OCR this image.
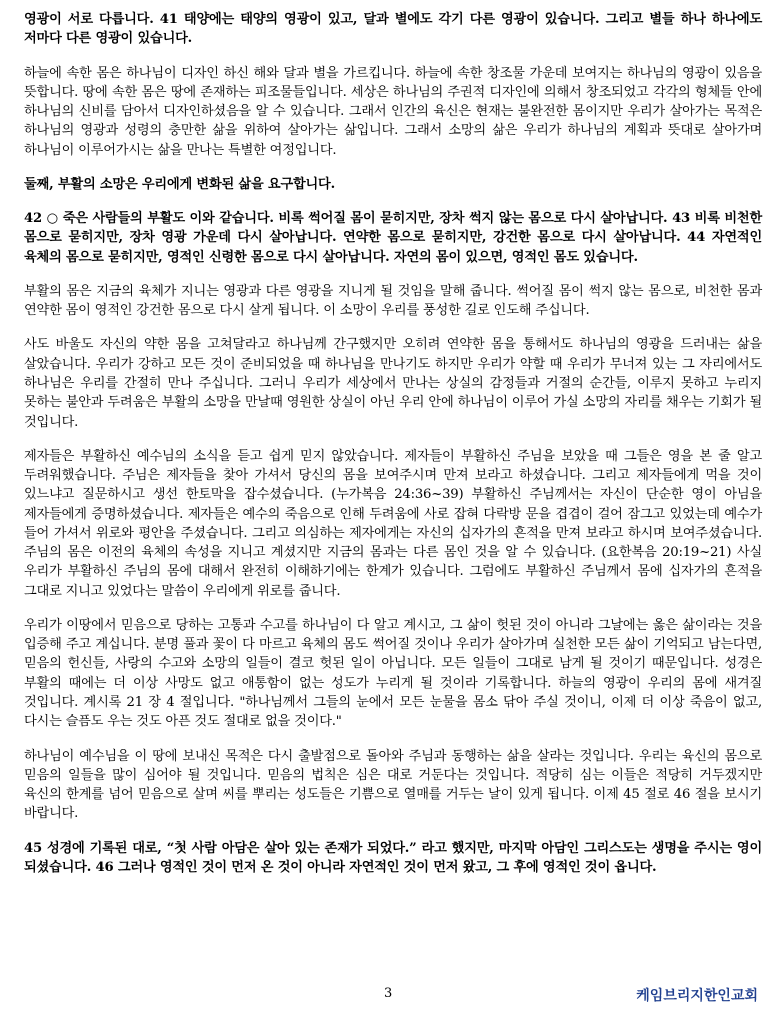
영광이 서로 다릅니다. 41 태양에는 태양의 영광이 있고, 달과 별에도 각기 다른 영광이 있습니다. 그리고 별들 하나 하나에도 저마다 다른 영광이 있습니다.

하늘에 속한 몸은 하나님이 디자인 하신 해와 달과 별을 가르킵니다. 하늘에 속한 창조물 가운데 보여지는 하나님의 영광이 있음을 뜻합니다. 땅에 속한 몸은 땅에 존재하는 피조물들입니다. 세상은 하나님의 주권적 디자인에 의해서 창조되었고 각각의 형체들 안에 하나님의 신비를 담아서 디자인하셨음을 알 수 있습니다. 그래서 인간의 육신은 현재는 불완전한 몸이지만 우리가 살아가는 목적은 하나님의 영광과 성령의 충만한 삶을 위하여 살아가는 삶입니다. 그래서 소망의 삶은 우리가 하나님의 계획과 뜻대로 살아가며 하나님이 이루어가시는 삶을 만나는 특별한 여정입니다.

둘째, 부활의 소망은 우리에게 변화된 삶을 요구합니다.

42 ○ 죽은 사람들의 부활도 이와 같습니다. 비록 썩어질 몸이 묻히지만, 장차 썩지 않는 몸으로 다시 살아납니다. 43 비록 비천한 몸으로 묻히지만, 장차 영광 가운데 다시 살아납니다. 연약한 몸으로 묻히지만, 강건한 몸으로 다시 살아납니다. 44 자연적인 육체의 몸으로 묻히지만, 영적인 신령한 몸으로 다시 살아납니다. 자연의 몸이 있으면, 영적인 몸도 있습니다.

부활의 몸은 지금의 육체가 지니는 영광과 다른 영광을 지니게 될 것임을 말해 줍니다. 썩어질 몸이 썩지 않는 몸으로, 비천한 몸과 연약한 몸이 영적인 강건한 몸으로 다시 살게 됩니다. 이 소망이 우리를 풍성한 길로 인도해 주십니다.

사도 바울도 자신의 약한 몸을 고쳐달라고 하나님께 간구했지만 오히려 연약한 몸을 통해서도 하나님의 영광을 드러내는 삶을 살았습니다. 우리가 강하고 모든 것이 준비되었을 때 하나님을 만나기도 하지만 우리가 약할 때 우리가 무너져 있는 그 자리에서도 하나님은 우리를 간절히 만나 주십니다. 그러니 우리가 세상에서 만나는 상실의 감정들과 거절의 순간들, 이루지 못하고 누리지 못하는 불안과 두려움은 부활의 소망을 만날때 영원한 상실이 아닌 우리 안에 하나님이 이루어 가실 소망의 자리를 채우는 기회가 될 것입니다.

제자들은 부활하신 예수님의 소식을 듣고 쉽게 믿지 않았습니다. 제자들이 부활하신 주님을 보았을 때 그들은 영을 본 줄 알고 두려워했습니다. 주님은 제자들을 찾아 가셔서 당신의 몸을 보여주시며 만져 보라고 하셨습니다. 그리고 제자들에게 먹을 것이 있느냐고 질문하시고 생선 한토막을 잡수셨습니다. (누가복음 24:36~39) 부활하신 주님께서는 자신이 단순한 영이 아님을 제자들에게 증명하셨습니다. 제자들은 예수의 죽음으로 인해 두려움에 사로 잡혀 다락방 문을 겹겹이 걸어 잠그고 있었는데 예수가 들어 가셔서 위로와 평안을 주셨습니다. 그리고 의심하는 제자에게는 자신의 십자가의 흔적을 만져 보라고 하시며 보여주셨습니다. 주님의 몸은 이전의 육체의 속성을 지니고 계셨지만 지금의 몸과는 다른 몸인 것을 알 수 있습니다. (요한복음 20:19~21) 사실 우리가 부활하신 주님의 몸에 대해서 완전히 이해하기에는 한계가 있습니다. 그럼에도 부활하신 주님께서 몸에 십자가의 흔적을 그대로 지니고 있었다는 말씀이 우리에게 위로를 줍니다.

우리가 이땅에서 믿음으로 당하는 고통과 수고를 하나님이 다 알고 계시고, 그 삶이 헛된 것이 아니라 그날에는 옳은 삶이라는 것을 입증해 주고 계십니다. 분명 풀과 꽃이 다 마르고 육체의 몸도 썩어질 것이나 우리가 살아가며 실천한 모든 삶이 기억되고 남는다면, 믿음의 헌신들, 사랑의 수고와 소망의 일들이 결코 헛된 일이 아닙니다. 모든 일들이 그대로 남게 될 것이기 때문입니다. 성경은 부활의 때에는 더 이상 사망도 없고 애통함이 없는 성도가 누리게 될 것이라 기록합니다. 하늘의 영광이 우리의 몸에 새겨질 것입니다. 계시록 21 장 4 절입니다. "하나님께서 그들의 눈에서 모든 눈물을 몸소 닦아 주실 것이니, 이제 더 이상 죽음이 없고, 다시는 슬픔도 우는 것도 아픈 것도 절대로 없을 것이다."

하나님이 예수님을 이 땅에 보내신 목적은 다시 출발점으로 돌아와 주님과 동행하는 삶을 살라는 것입니다. 우리는 육신의 몸으로 믿음의 일들을 많이 심어야 될 것입니다. 믿음의 법칙은 심은 대로 거둔다는 것입니다. 적당히 심는 이들은 적당히 거두겠지만 육신의 한계를 넘어 믿음으로 살며 씨를 뿌리는 성도들은 기쁨으로 열매를 거두는 날이 있게 됩니다. 이제 45 절로 46 절을 보시기 바랍니다.

45 성경에 기록된 대로, “첫 사람 아담은 살아 있는 존재가 되었다.” 라고 했지만, 마지막 아담인 그리스도는 생명을 주시는 영이 되셨습니다. 46 그러나 영적인 것이 먼저 온 것이 아니라 자연적인 것이 먼저 왔고, 그 후에 영적인 것이 옵니다.

3	케임브리지한인교회
